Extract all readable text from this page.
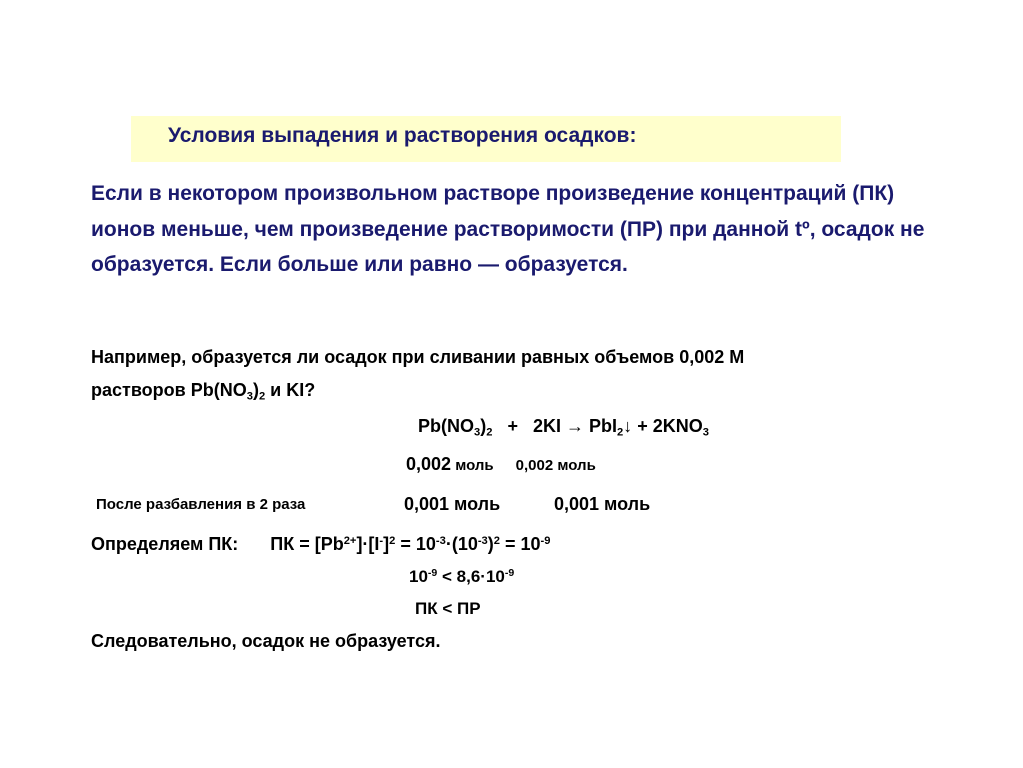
Условия выпадения и растворения осадков:
Если в некотором произвольном растворе произведение концентраций (ПК) ионов меньше, чем произведение растворимости (ПР) при данной tº, осадок не образуется. Если больше или равно — образуется.
Например, образуется ли осадок при сливании равных объемов 0,002 М
растворов $Pb(NO_3)_2$ и KI?
$Pb(NO_3)_2 + 2KI$ → PbI$_2$↓ + $2KNO_3$
0,002 моль 0,002 моль
После разбавления в 2 раза	0,001 моль	0,001 моль
Определяем ПК: ПК = $[Pb^{2+}]\cdot[I^-]^2 = 10^{-3}\cdot(10^{-3})^2 = 10^{-9}$
$10^{-9} < 8,6\cdot 10^{-9}$
ПК < ПР
Следовательно, осадок не образуется.
